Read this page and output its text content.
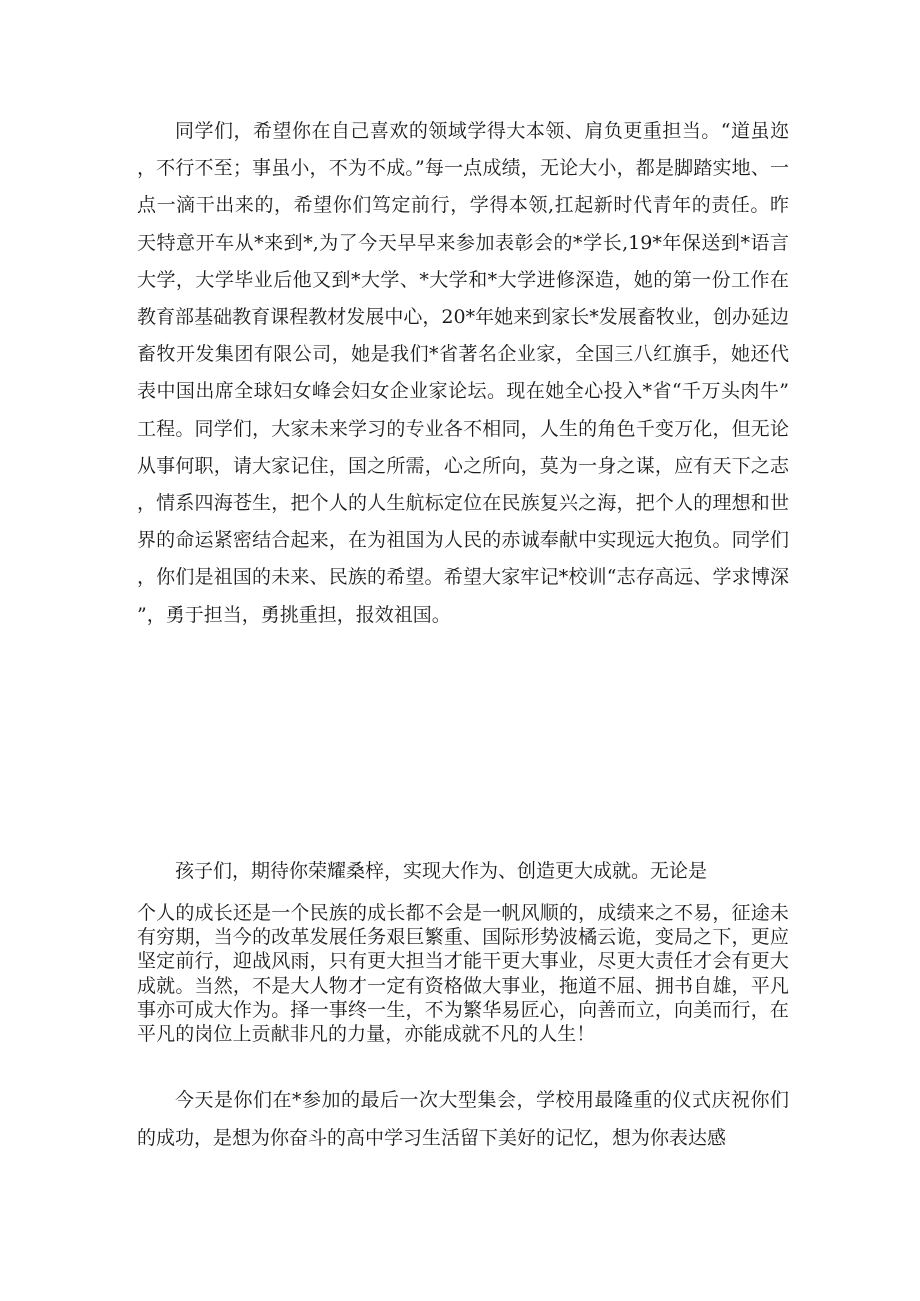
同学们，希望你在自己喜欢的领域学得大本领、肩负更重担当。“道虽迩，不行不至；事虽小，不为不成。”每一点成绩，无论大小，都是脚踏实地、一点一滴干出来的，希望你们笃定前行，学得本领,扛起新时代青年的责任。昨天特意开车从*来到*,为了今天早早来参加表彰会的*学长,19*年保送到*语言大学，大学毕业后他又到*大学、*大学和*大学进修深造，她的第一份工作在教育部基础教育课程教材发展中心，20*年她来到家长*发展畜牧业，创办延边畜牧开发集团有限公司，她是我们*省著名企业家，全国三八红旗手，她还代表中国出席全球妇女峰会妇女企业家论坛。现在她全心投入*省“千万头肉牛”工程。同学们，大家未来学习的专业各不相同，人生的角色千变万化，但无论从事何职，请大家记住，国之所需，心之所向，莫为一身之谋，应有天下之志，情系四海苍生，把个人的人生航标定位在民族复兴之海，把个人的理想和世界的命运紧密结合起来，在为祖国为人民的赤诚奉献中实现远大抱负。同学们，你们是祖国的未来、民族的希望。希望大家牢记*校训“志存高远、学求博深”，勇于担当，勇挑重担，报效祖国。

孩子们，期待你荣耀桑梓，实现大作为、创造更大成就。无论是

个人的成长还是一个民族的成长都不会是一帆风顺的，成绩来之不易，征途未有穷期，当今的改革发展任务艰巨繁重、国际形势波橘云诡，变局之下，更应坚定前行，迎战风雨，只有更大担当才能干更大事业，尽更大责任才会有更大成就。当然，不是大人物才一定有资格做大事业，拖道不屈、拥书自雄，平凡事亦可成大作为。择一事终一生，不为繁华易匠心，向善而立，向美而行，在平凡的岗位上贡献非凡的力量，亦能成就不凡的人生！

今天是你们在*参加的最后一次大型集会，学校用最隆重的仪式庆祝你们的成功，是想为你奋斗的高中学习生活留下美好的记忆，想为你表达感
